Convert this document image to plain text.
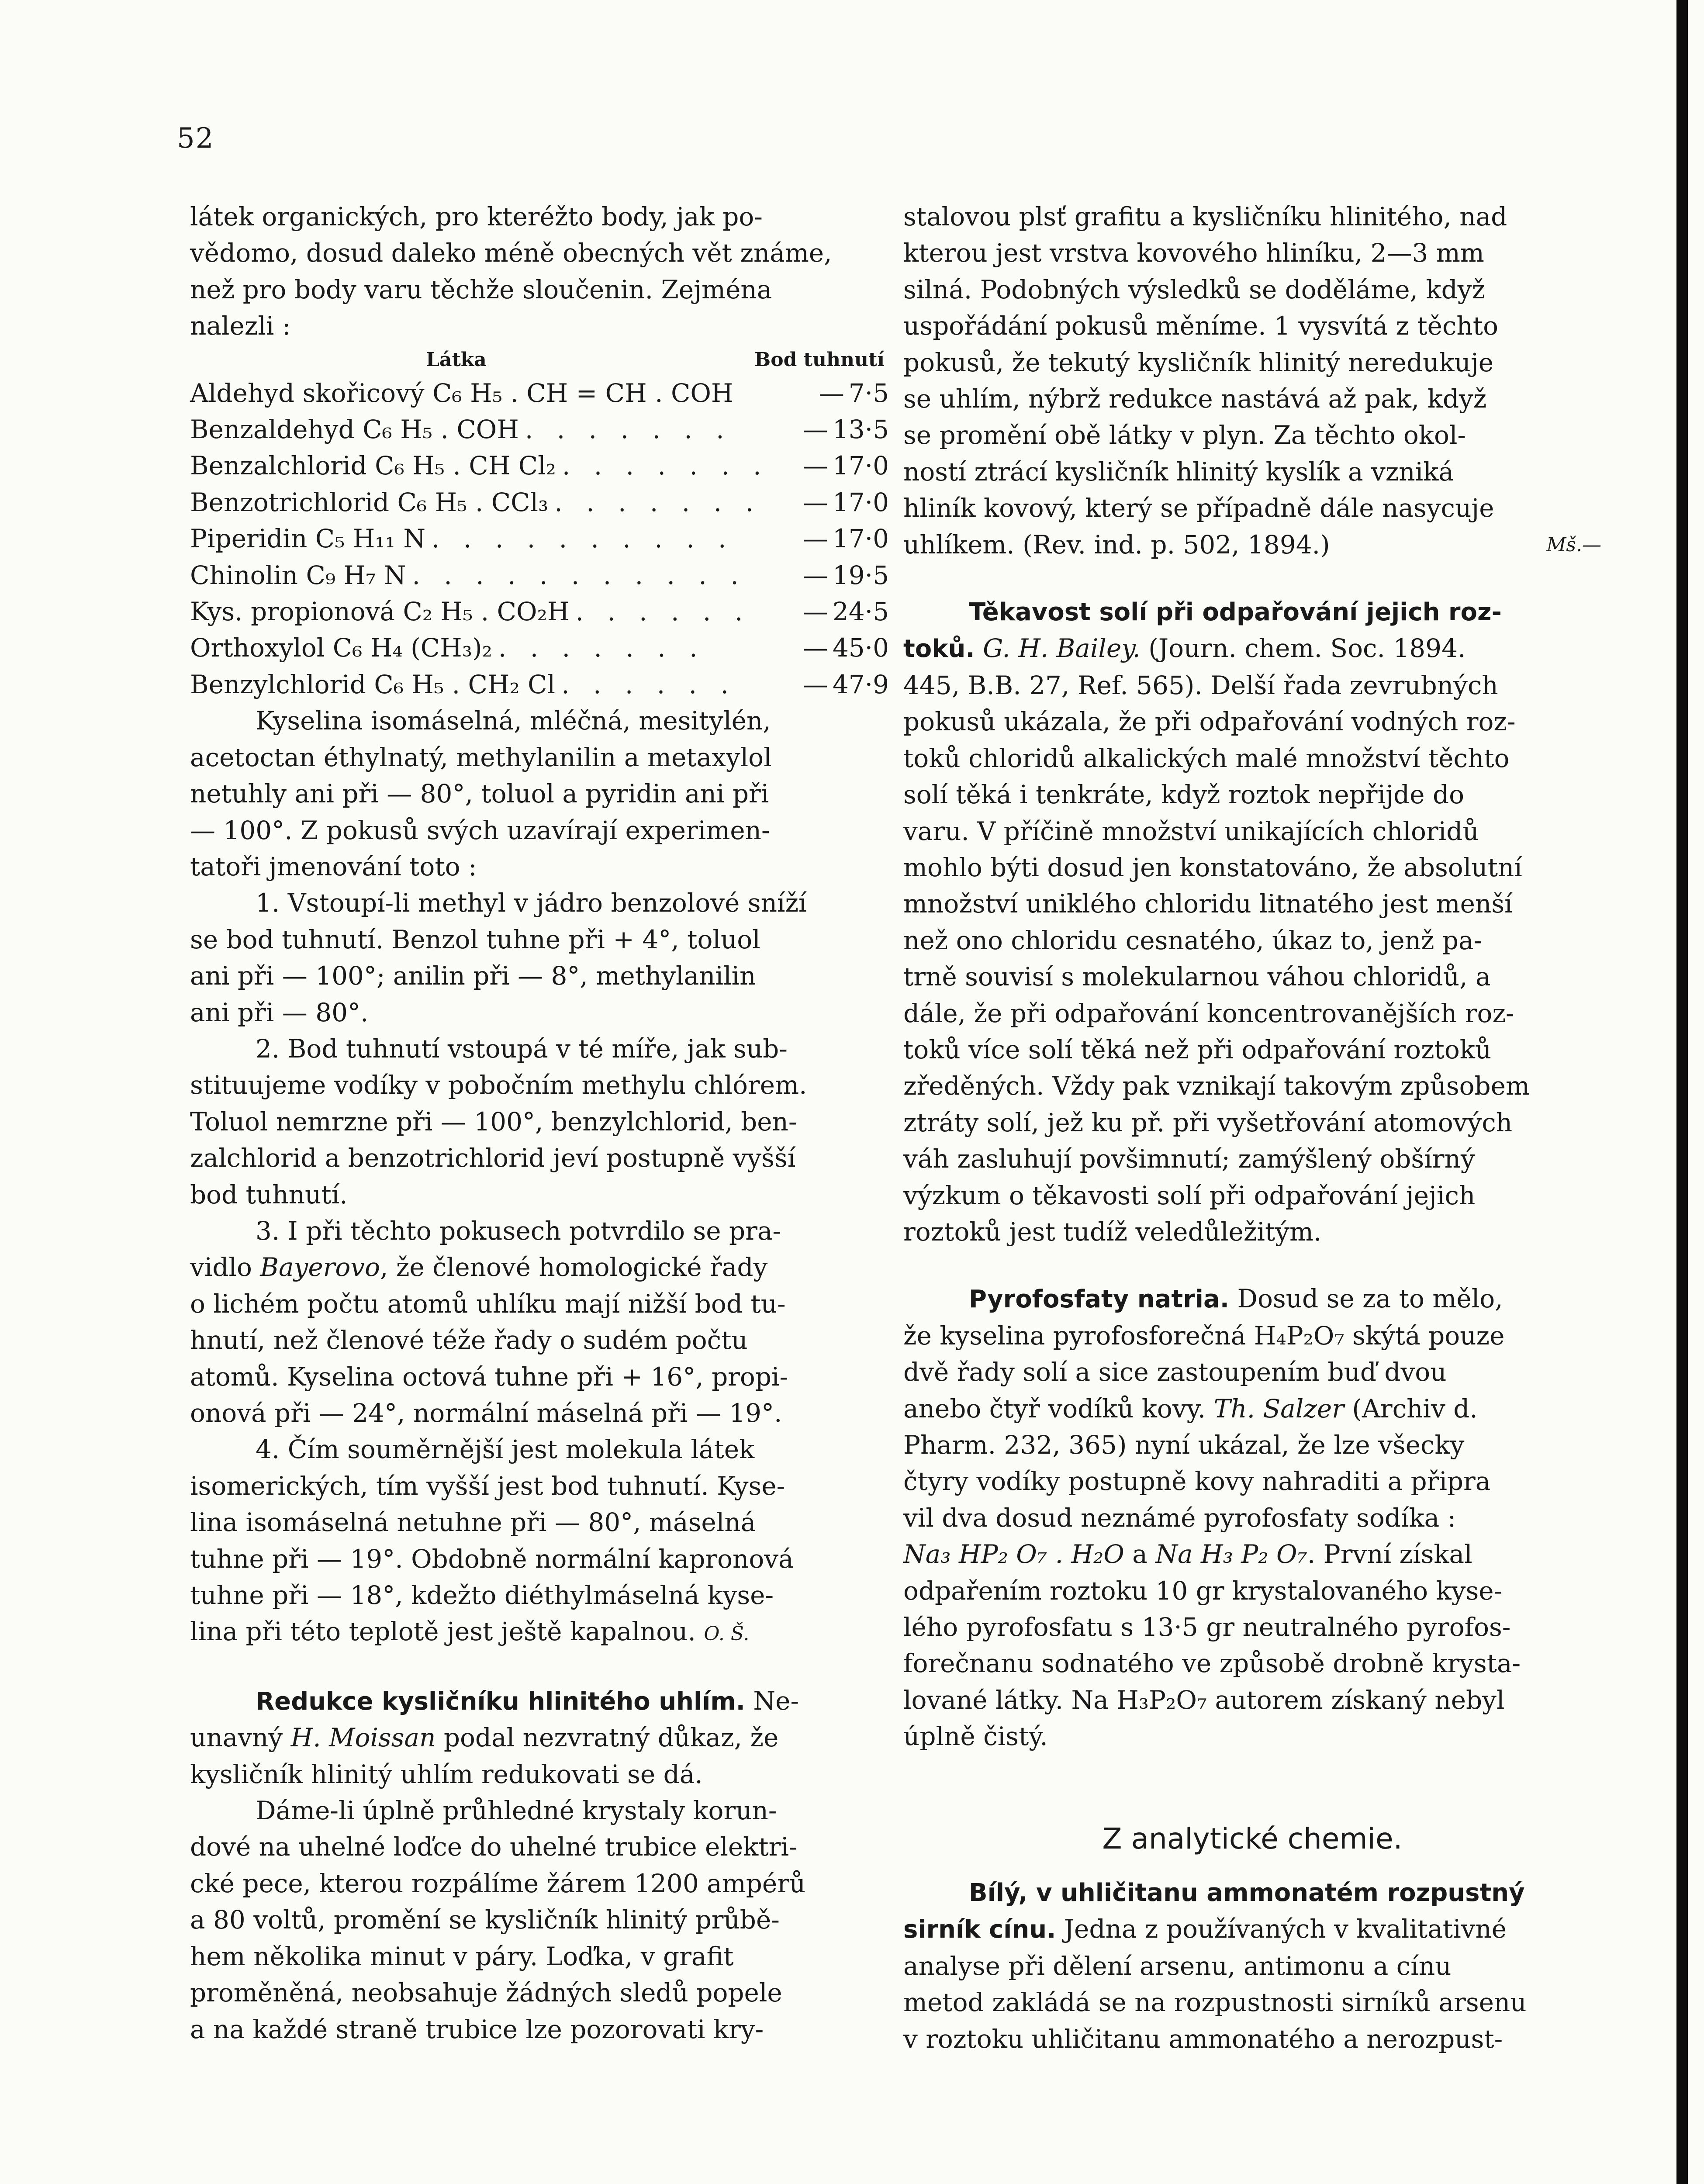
52

látek organických, pro kteréžto body, jak po-

vědomo, dosud daleko méně obecných vět známe,

než pro body varu těchže sloučenin. Zejména

nalezli :

Látka	Bod tuhnutí
Aldehyd skořicový C₆ H₅ . CH = CH . COH	— 7·5
Benzaldehyd C₆ H₅ . COH . . . . . . .	— 13·5
Benzalchlorid C₆ H₅ . CH Cl₂ . . . . . . .	— 17·0
Benzotrichlorid C₆ H₅ . CCl₃ . . . . . . .	— 17·0
Piperidin C₅ H₁₁ N . . . . . . . . . .	— 17·0
Chinolin C₉ H₇ N . . . . . . . . . . .	— 19·5
Kys. propionová C₂ H₅ . CO₂H . . . . . .	— 24·5
Orthoxylol C₆ H₄ (CH₃)₂ . . . . . . .	— 45·0
Benzylchlorid C₆ H₅ . CH₂ Cl . . . . . .	— 47·9

Kyselina isomáselná, mléčná, mesitylén,

acetoctan éthylnatý, methylanilin a metaxylol

netuhly ani při — 80°, toluol a pyridin ani při

— 100°. Z pokusů svých uzavírají experimen-

tatoři jmenování toto :

1. Vstoupí-li methyl v jádro benzolové sníží

se bod tuhnutí. Benzol tuhne při + 4°, toluol

ani při — 100°; anilin při — 8°, methylanilin

ani při — 80°.

2. Bod tuhnutí vstoupá v té míře, jak sub-

stituujeme vodíky v pobočním methylu chlórem.

Toluol nemrzne při — 100°, benzylchlorid, ben-

zalchlorid a benzotrichlorid jeví postupně vyšší

bod tuhnutí.

3. I při těchto pokusech potvrdilo se pra-

vidlo Bayerovo, že členové homologické řady

o lichém počtu atomů uhlíku mají nižší bod tu-

hnutí, než členové téže řady o sudém počtu

atomů. Kyselina octová tuhne při + 16°, propi-

onová při — 24°, normální máselná při — 19°.

4. Čím souměrnější jest molekula látek

isomerických, tím vyšší jest bod tuhnutí. Kyse-

lina isomáselná netuhne při — 80°, máselná

tuhne při — 19°. Obdobně normální kapronová

tuhne při — 18°, kdežto diéthylmáselná kyse-

lina při této teplotě jest ještě kapalnou. O. Š.

Redukce kysličníku hlinitého uhlím. Ne-

unavný H. Moissan podal nezvratný důkaz, že

kysličník hlinitý uhlím redukovati se dá.

Dáme-li úplně průhledné krystaly korun-

dové na uhelné loďce do uhelné trubice elektri-

cké pece, kterou rozpálíme žárem 1200 ampérů

a 80 voltů, promění se kysličník hlinitý průbě-

hem několika minut v páry. Loďka, v grafit

proměněná, neobsahuje žádných sledů popele

a na každé straně trubice lze pozorovati kry-

stalovou plsť grafitu a kysličníku hlinitého, nad

kterou jest vrstva kovového hliníku, 2—3 mm

silná. Podobných výsledků se doděláme, když

uspořádání pokusů měníme. 1 vysvítá z těchto

pokusů, že tekutý kysličník hlinitý neredukuje

se uhlím, nýbrž redukce nastává až pak, když

se promění obě látky v plyn. Za těchto okol-

ností ztrácí kysličník hlinitý kyslík a vzniká

hliník kovový, který se případně dále nasycuje

uhlíkem. (Rev. ind. p. 502, 1894.)	Mš.—

Těkavost solí při odpařování jejich roz-

toků. G. H. Bailey. (Journ. chem. Soc. 1894.

445, B.B. 27, Ref. 565). Delší řada zevrubných

pokusů ukázala, že při odpařování vodných roz-

toků chloridů alkalických malé množství těchto

solí těká i tenkráte, když roztok nepřijde do

varu. V příčině množství unikajících chloridů

mohlo býti dosud jen konstatováno, že absolutní

množství uniklého chloridu litnatého jest menší

než ono chloridu cesnatého, úkaz to, jenž pa-

trně souvisí s molekularnou váhou chloridů, a

dále, že při odpařování koncentrovanějších roz-

toků více solí těká než při odpařování roztoků

zředěných. Vždy pak vznikají takovým způsobem

ztráty solí, jež ku př. při vyšetřování atomových

váh zasluhují povšimnutí; zamýšlený obšírný

výzkum o těkavosti solí při odpařování jejich

roztoků jest tudíž veledůležitým.

Pyrofosfaty natria. Dosud se za to mělo,

že kyselina pyrofosforečná H₄P₂O₇ skýtá pouze

dvě řady solí a sice zastoupením buď dvou

anebo čtyř vodíků kovy. Th. Salzer (Archiv d.

Pharm. 232, 365) nyní ukázal, že lze všecky

čtyry vodíky postupně kovy nahraditi a připra

vil dva dosud neznámé pyrofosfaty sodíka :

Na₃ HP₂ O₇ . H₂O a Na H₃ P₂ O₇. První získal

odpařením roztoku 10 gr krystalovaného kyse-

lého pyrofosfatu s 13·5 gr neutralného pyrofos-

forečnanu sodnatého ve způsobě drobně krysta-

lované látky. Na H₃P₂O₇ autorem získaný nebyl

úplně čistý.

Z analytické chemie.

Bílý, v uhličitanu ammonatém rozpustný

sirník cínu. Jedna z používaných v kvalitativné

analyse při dělení arsenu, antimonu a cínu

metod zakládá se na rozpustnosti sirníků arsenu

v roztoku uhličitanu ammonatého a nerozpust-
